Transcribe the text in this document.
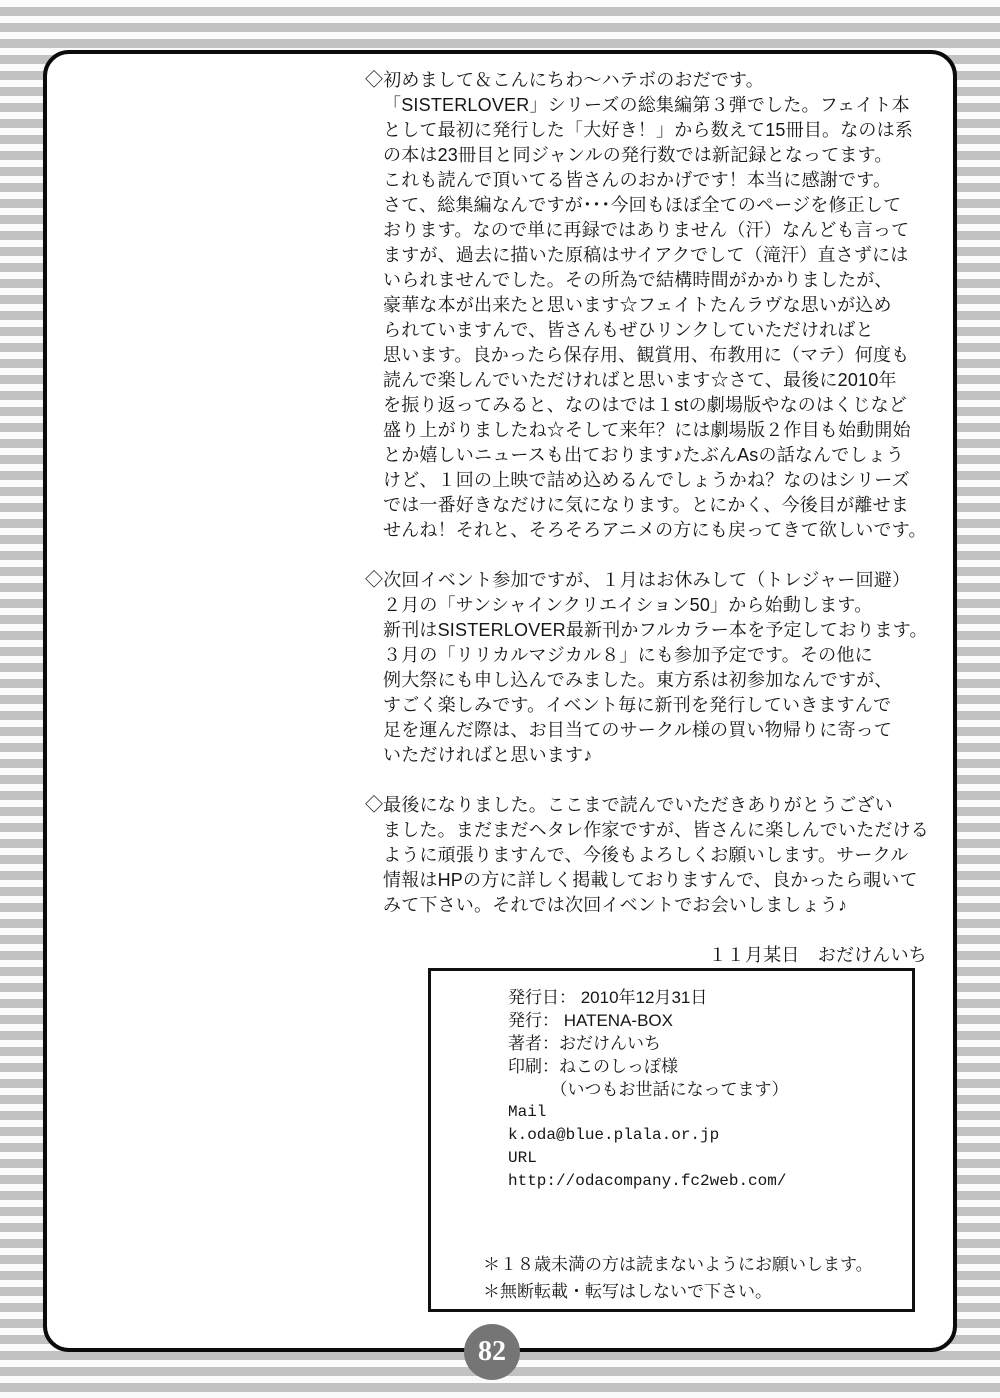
◇初めまして＆こんにちわ～ハテボのおだです。
「SISTERLOVER」シリーズの総集編第３弾でした。フェイト本
として最初に発行した「大好き！」から数えて15冊目。なのは系
の本は23冊目と同ジャンルの発行数では新記録となってます。
これも読んで頂いてる皆さんのおかげです！本当に感謝です。
さて、総集編なんですが･･･今回もほぼ全てのページを修正して
おります。なので単に再録ではありません（汗）なんども言って
ますが、過去に描いた原稿はサイアクでして（滝汗）直さずには
いられませんでした。その所為で結構時間がかかりましたが、
豪華な本が出来たと思います☆フェイトたんラヴな思いが込め
られていますんで、皆さんもぜひリンクしていただければと
思います。良かったら保存用、観賞用、布教用に（マテ）何度も
読んで楽しんでいただければと思います☆さて、最後に2010年
を振り返ってみると、なのはでは１stの劇場版やなのはくじなど
盛り上がりましたね☆そして来年？には劇場版２作目も始動開始
とか嬉しいニュースも出ております♪たぶんAsの話なんでしょう
けど、１回の上映で詰め込めるんでしょうかね？なのはシリーズ
では一番好きなだけに気になります。とにかく、今後目が離せま
せんね！それと、そろそろアニメの方にも戻ってきて欲しいです。
◇次回イベント参加ですが、１月はお休みして（トレジャー回避）
２月の「サンシャインクリエイション50」から始動します。
新刊はSISTERLOVER最新刊かフルカラー本を予定しております。
３月の「リリカルマジカル８」にも参加予定です。その他に
例大祭にも申し込んでみました。東方系は初参加なんですが、
すごく楽しみです。イベント毎に新刊を発行していきますんで
足を運んだ際は、お目当てのサークル様の買い物帰りに寄って
いただければと思います♪
◇最後になりました。ここまで読んでいただきありがとうござい
ました。まだまだヘタレ作家ですが、皆さんに楽しんでいただける
ように頑張りますんで、今後もよろしくお願いします。サークル
情報はHPの方に詳しく掲載しておりますんで、良かったら覗いて
みて下さい。それでは次回イベントでお会いしましょう♪
１１月某日　おだけんいち
発行日： 2010年12月31日
発行： HATENA-BOX
著者：おだけんいち
印刷：ねこのしっぽ様
　　　（いつもお世話になってます）
Mail
k.oda@blue.plala.or.jp
URL
http://odacompany.fc2web.com/
＊１８歳未満の方は読まないようにお願いします。
＊無断転載・転写はしないで下さい。
82
